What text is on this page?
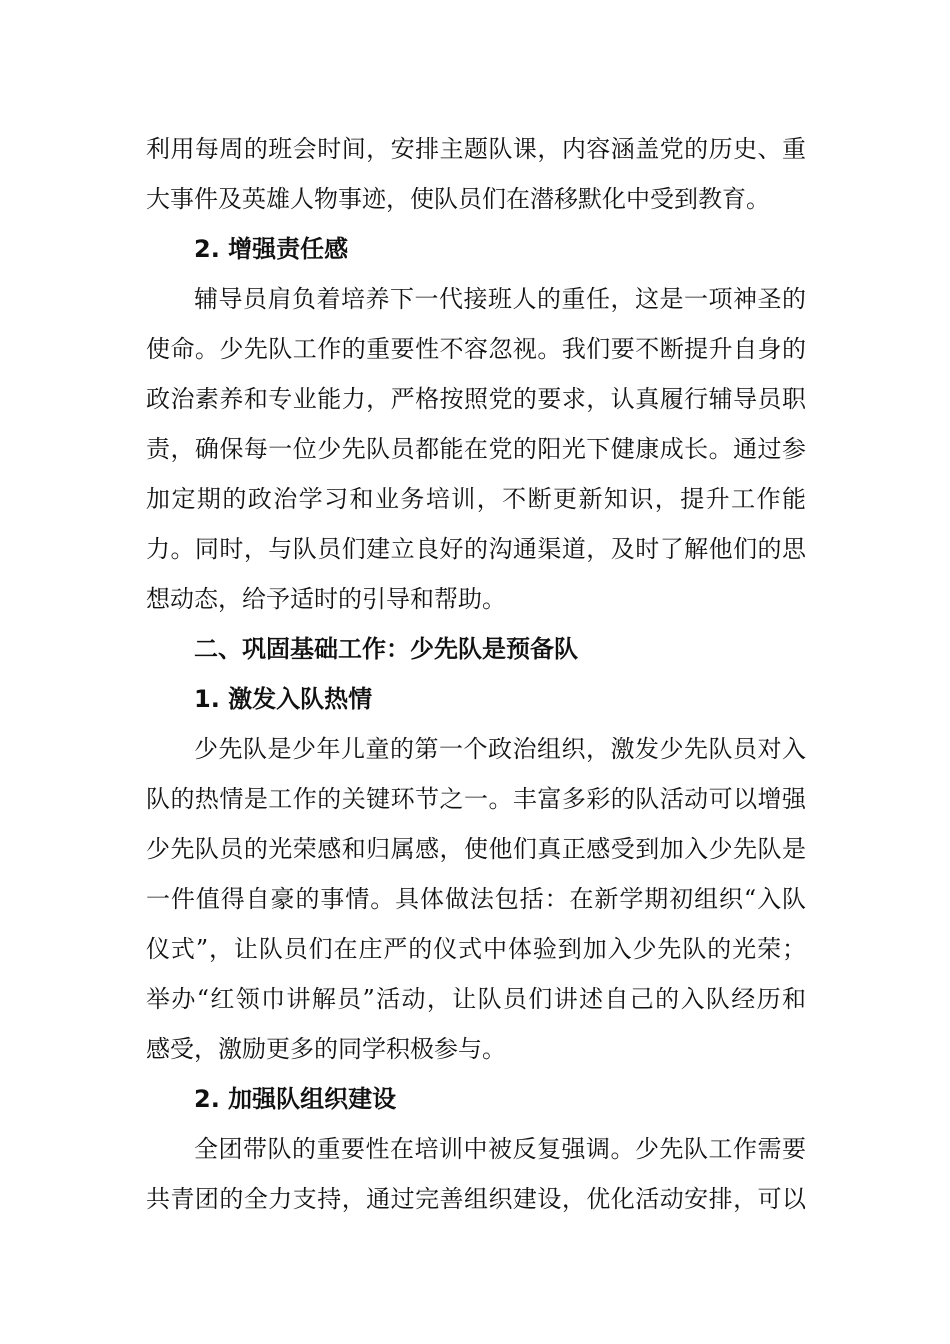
利用每周的班会时间，安排主题队课，内容涵盖党的历史、重

大事件及英雄人物事迹，使队员们在潜移默化中受到教育。

2. 增强责任感

辅导员肩负着培养下一代接班人的重任，这是一项神圣的

使命。少先队工作的重要性不容忽视。我们要不断提升自身的

政治素养和专业能力，严格按照党的要求，认真履行辅导员职

责，确保每一位少先队员都能在党的阳光下健康成长。通过参

加定期的政治学习和业务培训，不断更新知识，提升工作能

力。同时，与队员们建立良好的沟通渠道，及时了解他们的思

想动态，给予适时的引导和帮助。

二、巩固基础工作：少先队是预备队
1. 激发入队热情

少先队是少年儿童的第一个政治组织，激发少先队员对入

队的热情是工作的关键环节之一。丰富多彩的队活动可以增强

少先队员的光荣感和归属感，使他们真正感受到加入少先队是

一件值得自豪的事情。具体做法包括：在新学期初组织“入队

仪式”，让队员们在庄严的仪式中体验到加入少先队的光荣；

举办“红领巾讲解员”活动，让队员们讲述自己的入队经历和

感受，激励更多的同学积极参与。

2. 加强队组织建设

全团带队的重要性在培训中被反复强调。少先队工作需要

共青团的全力支持，通过完善组织建设，优化活动安排，可以
